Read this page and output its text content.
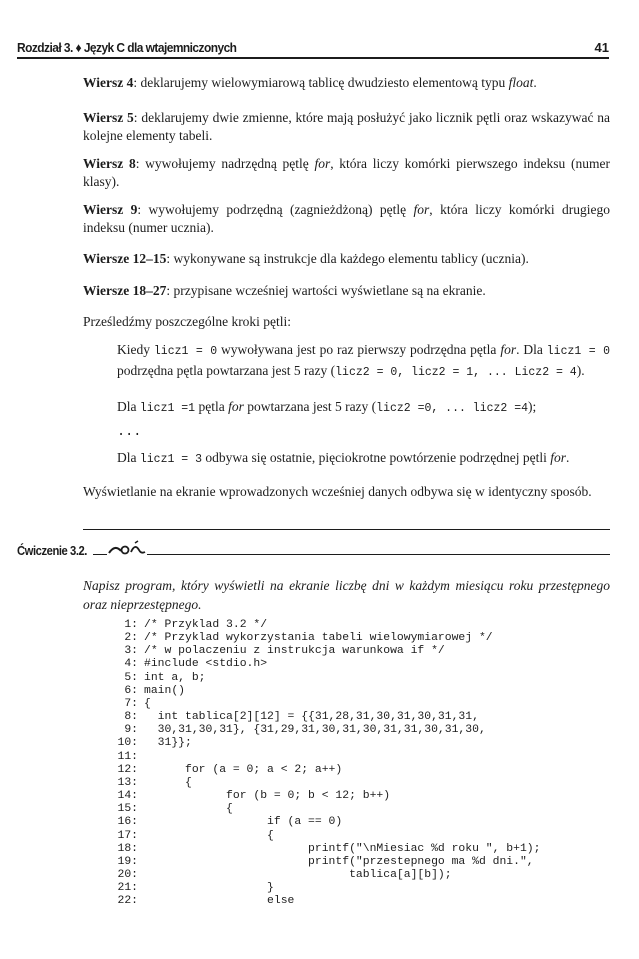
Rozdział 3. ♦ Język C dla wtajemniczonych	41
Wiersz 4: deklarujemy wielowymiarową tablicę dwudziesto elementową typu float.
Wiersz 5: deklarujemy dwie zmienne, które mają posłużyć jako licznik pętli oraz wskazywać na kolejne elementy tabeli.
Wiersz 8: wywołujemy nadrzędną pętlę for, która liczy komórki pierwszego indeksu (numer klasy).
Wiersz 9: wywołujemy podrzędną (zagnieżdżoną) pętlę for, która liczy komórki drugiego indeksu (numer ucznia).
Wiersze 12–15: wykonywane są instrukcje dla każdego elementu tablicy (ucznia).
Wiersze 18–27: przypisane wcześniej wartości wyświetlane są na ekranie.
Prześledźmy poszczególne kroki pętli:
Kiedy licz1 = 0 wywoływana jest po raz pierwszy podrzędna pętla for. Dla licz1 = 0 podrzędna pętla powtarzana jest 5 razy (licz2 = 0, licz2 = 1, ... Licz2 = 4).
Dla licz1 =1 pętla for powtarzana jest 5 razy (licz2 =0, ... licz2 =4);
...
Dla licz1 = 3 odbywa się ostatnie, pięciokrotne powtórzenie podrzędnej pętli for.
Wyświetlanie na ekranie wprowadzonych wcześniej danych odbywa się w identyczny sposób.
Ćwiczenie 3.2.
Napisz program, który wyświetli na ekranie liczbę dni w każdym miesiącu roku przestępnego oraz nieprzestępnego.
1: /* Przyklad 3.2 */
2: /* Przyklad wykorzystania tabeli wielowymiarowej */
3: /* w polaczeniu z instrukcja warunkowa if */
4: #include <stdio.h>
5: int a, b;
6: main()
7: {
8:  int tablica[2][12] = {{31,28,31,30,31,30,31,31,
9:  30,31,30,31}, {31,29,31,30,31,30,31,31,30,31,30,
10:  31}};
11:
12:      for (a = 0; a < 2; a++)
13:      {
14:            for (b = 0; b < 12; b++)
15:            {
16:                  if (a == 0)
17:                  {
18:                        printf("\nMiesiac %d roku ", b+1);
19:                        printf("przestepnego ma %d dni.",
20:                              tablica[a][b]);
21:                  }
22:                  else
